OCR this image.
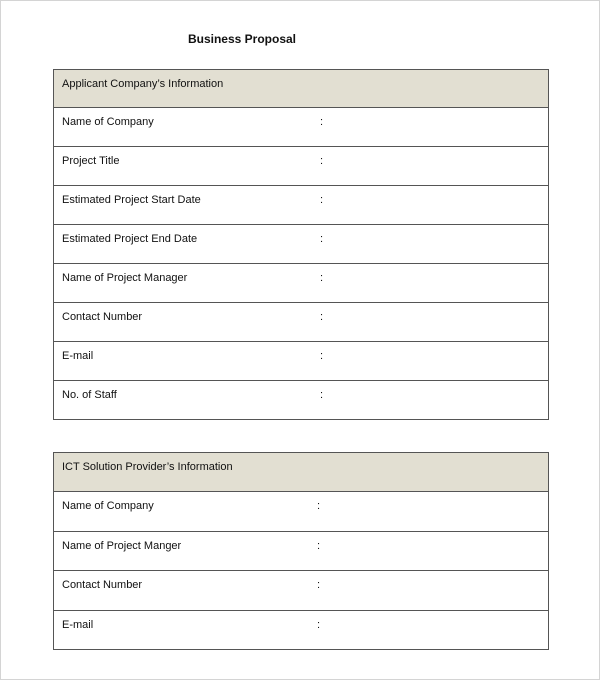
Business Proposal
Applicant Company’s Information
Name of Company	:

Project Title	:

Estimated Project Start Date	:

Estimated Project End Date	:

Name of Project Manager	:

Contact Number	:

E-mail	:

No. of Staff	:
ICT Solution Provider’s Information
Name of Company	:

Name of Project Manger	:

Contact Number	:

E-mail	:
